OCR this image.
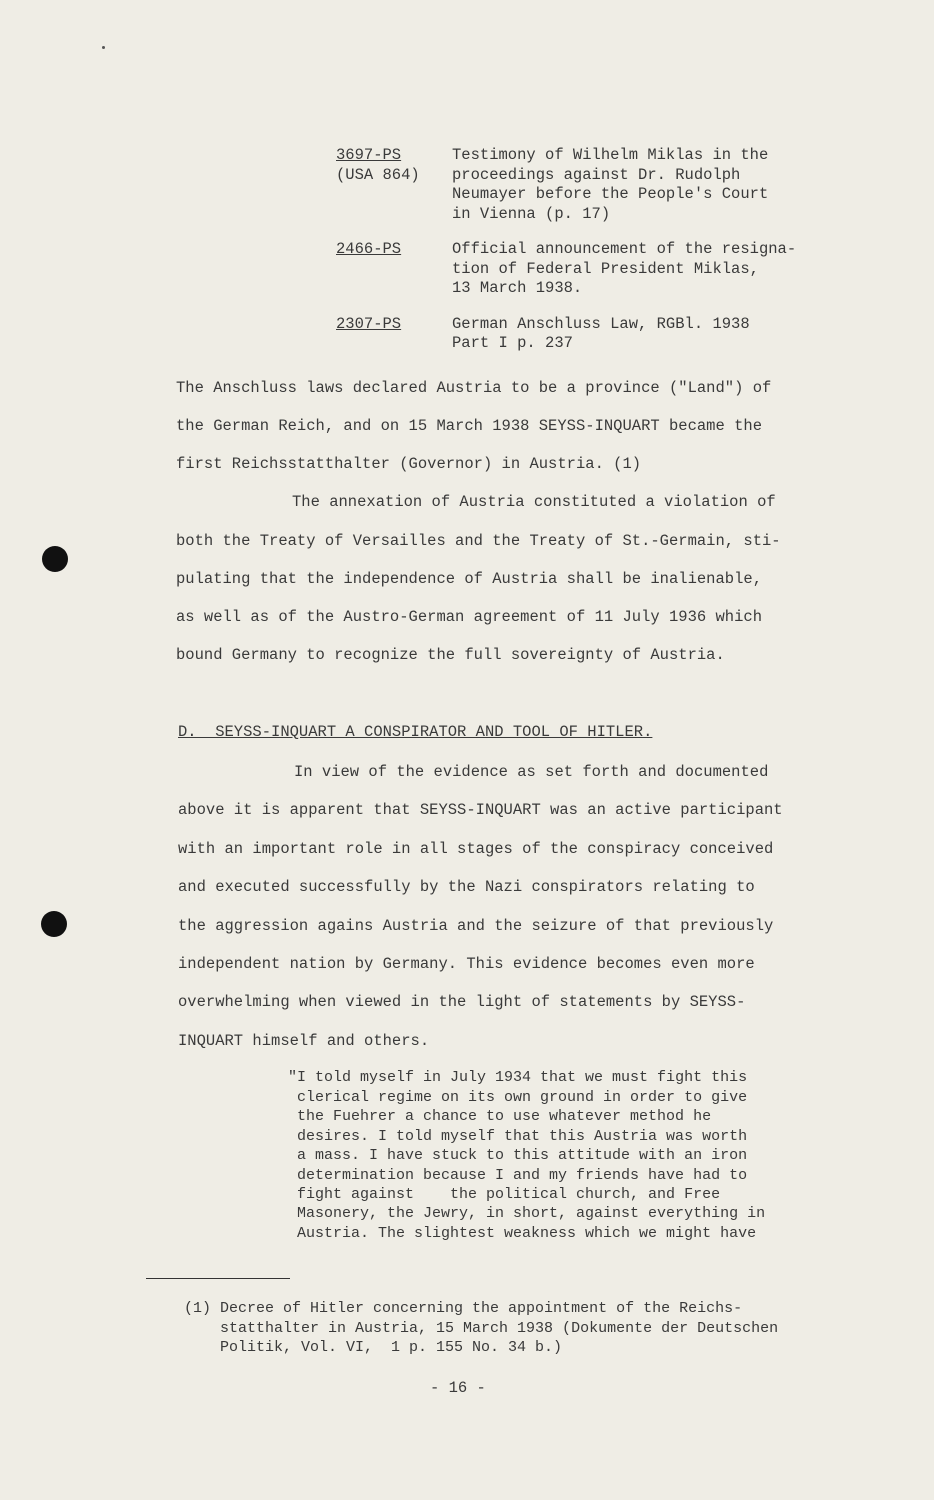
3697-PS
(USA 864)
Testimony of Wilhelm Miklas in the
proceedings against Dr. Rudolph
Neumayer before the People's Court
in Vienna (p. 17)
2466-PS	Official announcement of the resigna-
tion of Federal President Miklas,
13 March 1938.
2307-PS	German Anschluss Law, RGBl. 1938
Part I p. 237
The Anschluss laws declared Austria to be a province ("Land") of
the German Reich, and on 15 March 1938 SEYSS-INQUART became the
first Reichsstatthalter (Governor) in Austria. (1)
The annexation of Austria constituted a violation of
both the Treaty of Versailles and the Treaty of St.-Germain, sti-
pulating that the independence of Austria shall be inalienable,
as well as of the Austro-German agreement of 11 July 1936 which
bound Germany to recognize the full sovereignty of Austria.
D.  SEYSS-INQUART A CONSPIRATOR AND TOOL OF HITLER.
In view of the evidence as set forth and documented
above it is apparent that SEYSS-INQUART was an active participant
with an important role in all stages of the conspiracy conceived
and executed successfully by the Nazi conspirators relating to
the aggression agains Austria and the seizure of that previously
independent nation by Germany. This evidence becomes even more
overwhelming when viewed in the light of statements by SEYSS-
INQUART himself and others.
"I told myself in July 1934 that we must fight this
clerical regime on its own ground in order to give
the Fuehrer a chance to use whatever method he
desires. I told myself that this Austria was worth
a mass. I have stuck to this attitude with an iron
determination because I and my friends have had to
fight against    the political church, and Free
Masonery, the Jewry, in short, against everything in
Austria. The slightest weakness which we might have
(1) Decree of Hitler concerning the appointment of the Reichs-
statthalter in Austria, 15 March 1938 (Dokumente der Deutschen
Politik, Vol. VI,  1 p. 155 No. 34 b.)
- 16 -
